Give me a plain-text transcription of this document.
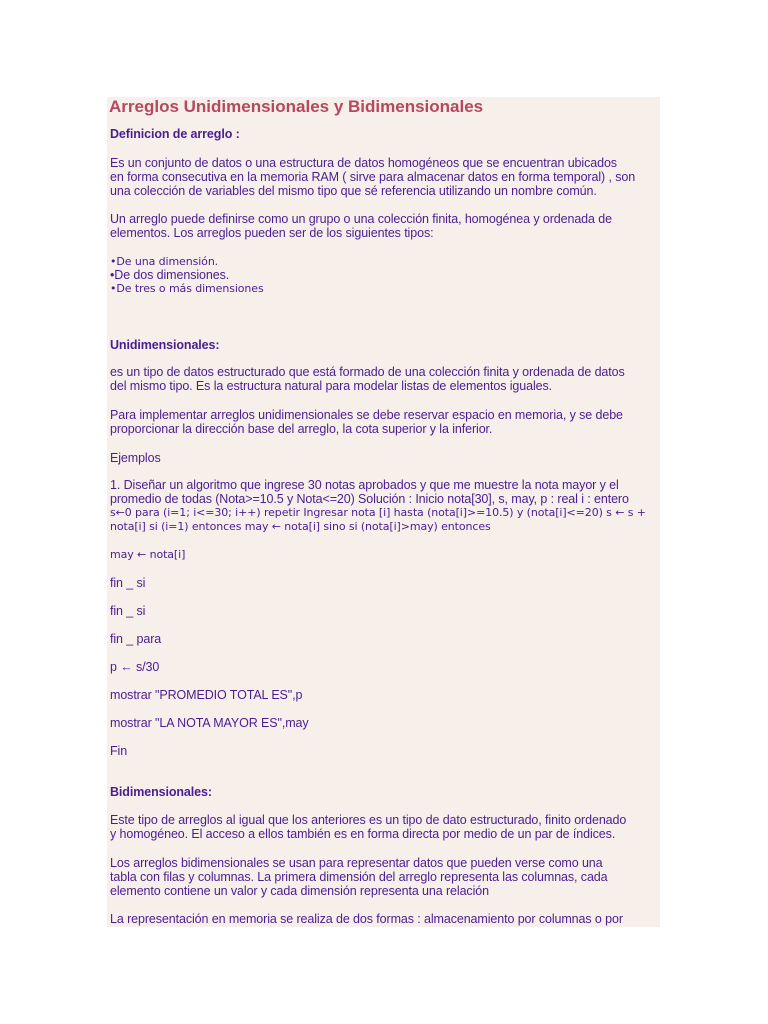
Arreglos Unidimensionales y Bidimensionales
Definicion de arreglo :
Es un conjunto de datos o una estructura de datos homogéneos que se encuentran ubicados
en forma consecutiva en la memoria RAM ( sirve para almacenar datos en forma temporal) , son
una colección de variables del mismo tipo que sé referencia utilizando un nombre común.
Un arreglo puede definirse como un grupo o una colección finita, homogénea y ordenada de
elementos. Los arreglos pueden ser de los siguientes tipos:
•De una dimensión.
•De dos dimensiones.
•De tres o más dimensiones
Unidimensionales:
es un tipo de datos estructurado que está formado de una colección finita y ordenada de datos
del mismo tipo. Es la estructura natural para modelar listas de elementos iguales.
Para implementar arreglos unidimensionales se debe reservar espacio en memoria, y se debe
proporcionar la dirección base del arreglo, la cota superior y la inferior.
Ejemplos
1. Diseñar un algoritmo que ingrese 30 notas aprobados y que me muestre la nota mayor y el
promedio de todas (Nota>=10.5 y Nota<=20) Solución : Inicio nota[30], s, may, p : real i : entero
s←0 para (i=1; i<=30; i++) repetir Ingresar nota [i] hasta (nota[i]>=10.5) y (nota[i]<=20) s ← s +
nota[i] si (i=1) entonces may ← nota[i] sino si (nota[i]>may) entonces
may ← nota[i]
fin _ si
fin _ si
fin _ para
p ← s/30
mostrar "PROMEDIO TOTAL ES",p
mostrar "LA NOTA MAYOR ES",may
Fin
Bidimensionales:
Este tipo de arreglos al igual que los anteriores es un tipo de dato estructurado, finito ordenado
y homogéneo. El acceso a ellos también es en forma directa por medio de un par de índices.
Los arreglos bidimensionales se usan para representar datos que pueden verse como una
tabla con filas y columnas. La primera dimensión del arreglo representa las columnas, cada
elemento contiene un valor y cada dimensión representa una relación
La representación en memoria se realiza de dos formas : almacenamiento por columnas o por
